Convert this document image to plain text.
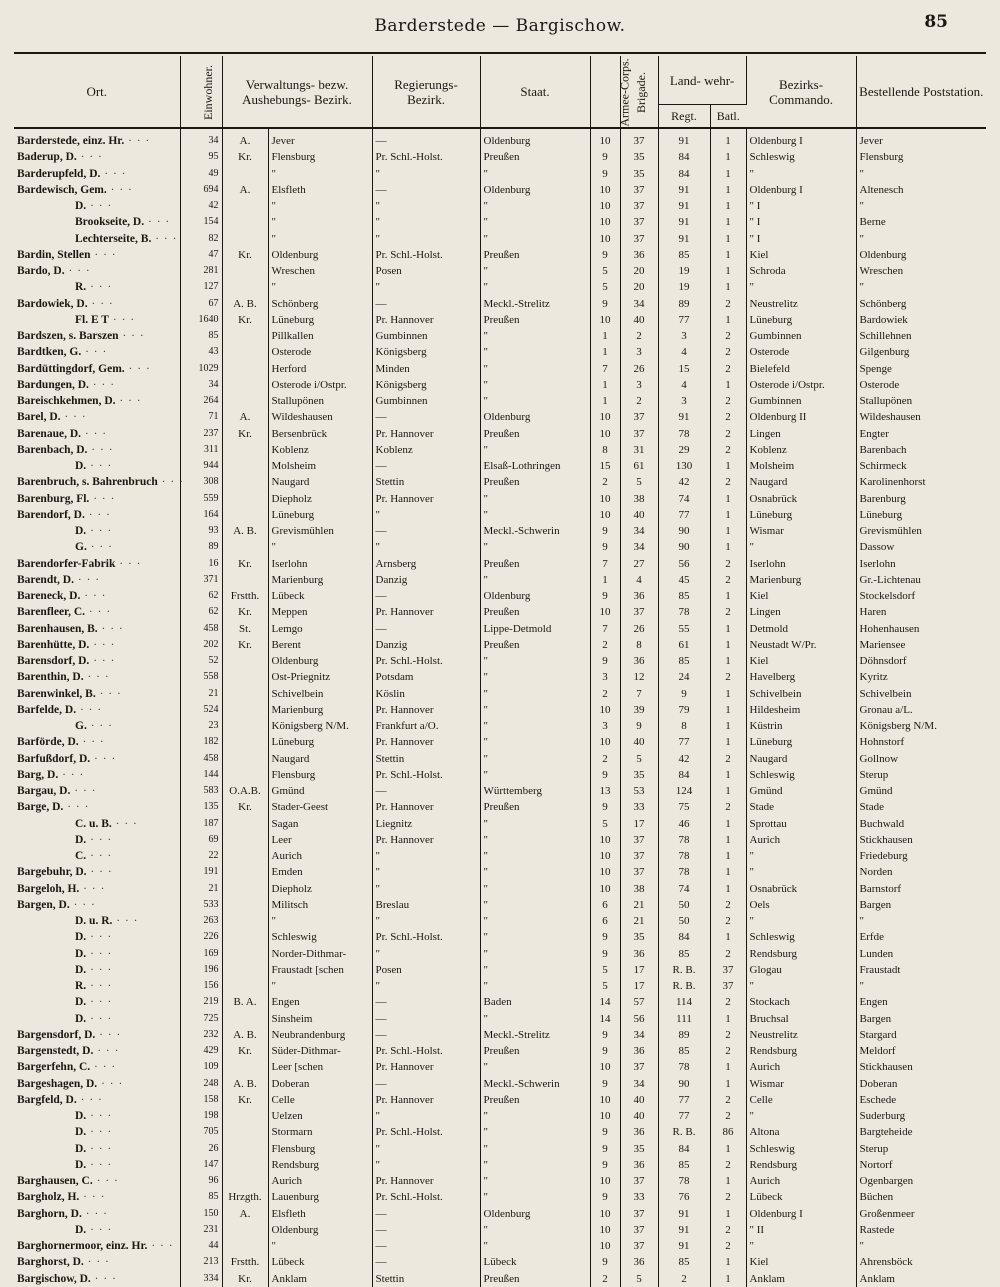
Barderstede — Bargischow.	85
Ort.	Einwohner.	Verwaltungs- bezw. Aushebungs- Bezirk.		Regierungs- Bezirk.	Staat.	Armee-Corps.	Brigade.	Land- wehr-		Bezirks- Commando.	Bestellende Poststation.
								Regt.	Batl.		
Barderstede, einz. Hr. · · ·	34	A.	Jever	—	Oldenburg	10	37	91	1	Oldenburg I	Jever
Baderup, D. · · ·	95	Kr.	Flensburg	Pr. Schl.-Holst.	Preußen	9	35	84	1	Schleswig	Flensburg
Barderupfeld, D. · · ·	49		"	"	"	9	35	84	1	"	"
Bardewisch, Gem. · · ·	694	A.	Elsfleth	—	Oldenburg	10	37	91	1	Oldenburg I	Altenesch
D. · · ·	42		"	"	"	10	37	91	1	" I	"
Brookseite, D. · · ·	154		"	"	"	10	37	91	1	" I	Berne
Lechterseite, B. · · ·	82		"	"	"	10	37	91	1	" I	"
Bardin, Stellen · · ·	47	Kr.	Oldenburg	Pr. Schl.-Holst.	Preußen	9	36	85	1	Kiel	Oldenburg
Bardo, D. · · ·	281		Wreschen	Posen	"	5	20	19	1	Schroda	Wreschen
R. · · ·	127		"	"	"	5	20	19	1	"	"
Bardowiek, D. · · ·	67	A. B.	Schönberg	—	Meckl.-Strelitz	9	34	89	2	Neustrelitz	Schönberg
Fl. E T · · ·	1640	Kr.	Lüneburg	Pr. Hannover	Preußen	10	40	77	1	Lüneburg	Bardowiek
Bardszen, s. Barszen · · ·	85		Pillkallen	Gumbinnen	"	1	2	3	2	Gumbinnen	Schillehnen
Bardtken, G. · · ·	43		Osterode	Königsberg	"	1	3	4	2	Osterode	Gilgenburg
Bardüttingdorf, Gem. · · ·	1029		Herford	Minden	"	7	26	15	2	Bielefeld	Spenge
Bardungen, D. · · ·	34		Osterode i/Ostpr.	Königsberg	"	1	3	4	1	Osterode i/Ostpr.	Osterode
Bareischkehmen, D. · · ·	264		Stallupönen	Gumbinnen	"	1	2	3	2	Gumbinnen	Stallupönen
Barel, D. · · ·	71	A.	Wildeshausen	—	Oldenburg	10	37	91	2	Oldenburg II	Wildeshausen
Barenaue, D. · · ·	237	Kr.	Bersenbrück	Pr. Hannover	Preußen	10	37	78	2	Lingen	Engter
Barenbach, D. · · ·	311		Koblenz	Koblenz	"	8	31	29	2	Koblenz	Barenbach
D. · · ·	944		Molsheim	—	Elsaß-Lothringen	15	61	130	1	Molsheim	Schirmeck
Barenbruch, s. Bahrenbruch · · ·	308		Naugard	Stettin	Preußen	2	5	42	2	Naugard	Karolinenhorst
Barenburg, Fl. · · ·	559		Diepholz	Pr. Hannover	"	10	38	74	1	Osnabrück	Barenburg
Barendorf, D. · · ·	164		Lüneburg	"	"	10	40	77	1	Lüneburg	Lüneburg
D. · · ·	93	A. B.	Grevismühlen	—	Meckl.-Schwerin	9	34	90	1	Wismar	Grevismühlen
G. · · ·	89		"	"	"	9	34	90	1	"	Dassow
Barendorfer-Fabrik · · ·	16	Kr.	Iserlohn	Arnsberg	Preußen	7	27	56	2	Iserlohn	Iserlohn
Barendt, D. · · ·	371		Marienburg	Danzig	"	1	4	45	2	Marienburg	Gr.-Lichtenau
Bareneck, D. · · ·	62	Frstth.	Lübeck	—	Oldenburg	9	36	85	1	Kiel	Stockelsdorf
Barenfleer, C. · · ·	62	Kr.	Meppen	Pr. Hannover	Preußen	10	37	78	2	Lingen	Haren
Barenhausen, B. · · ·	458	St.	Lemgo	—	Lippe-Detmold	7	26	55	1	Detmold	Hohenhausen
Barenhütte, D. · · ·	202	Kr.	Berent	Danzig	Preußen	2	8	61	1	Neustadt W/Pr.	Mariensee
Barensdorf, D. · · ·	52		Oldenburg	Pr. Schl.-Holst.	"	9	36	85	1	Kiel	Döhnsdorf
Barenthin, D. · · ·	558		Ost-Priegnitz	Potsdam	"	3	12	24	2	Havelberg	Kyritz
Barenwinkel, B. · · ·	21		Schivelbein	Köslin	"	2	7	9	1	Schivelbein	Schivelbein
Barfelde, D. · · ·	524		Marienburg	Pr. Hannover	"	10	39	79	1	Hildesheim	Gronau a/L.
G. · · ·	23		Königsberg N/M.	Frankfurt a/O.	"	3	9	8	1	Küstrin	Königsberg N/M.
Barförde, D. · · ·	182		Lüneburg	Pr. Hannover	"	10	40	77	1	Lüneburg	Hohnstorf
Barfußdorf, D. · · ·	458		Naugard	Stettin	"	2	5	42	2	Naugard	Gollnow
Barg, D. · · ·	144		Flensburg	Pr. Schl.-Holst.	"	9	35	84	1	Schleswig	Sterup
Bargau, D. · · ·	583	O.A.B.	Gmünd	—	Württemberg	13	53	124	1	Gmünd	Gmünd
Barge, D. · · ·	135	Kr.	Stader-Geest	Pr. Hannover	Preußen	9	33	75	2	Stade	Stade
C. u. B. · · ·	187		Sagan	Liegnitz	"	5	17	46	1	Sprottau	Buchwald
D. · · ·	69		Leer	Pr. Hannover	"	10	37	78	1	Aurich	Stickhausen
C. · · ·	22		Aurich	"	"	10	37	78	1	"	Friedeburg
Bargebuhr, D. · · ·	191		Emden	"	"	10	37	78	1	"	Norden
Bargeloh, H. · · ·	21		Diepholz	"	"	10	38	74	1	Osnabrück	Barnstorf
Bargen, D. · · ·	533		Militsch	Breslau	"	6	21	50	2	Oels	Bargen
D. u. R. · · ·	263		"	"	"	6	21	50	2	"	"
D. · · ·	226		Schleswig	Pr. Schl.-Holst.	"	9	35	84	1	Schleswig	Erfde
D. · · ·	169		Norder-Dithmar-	"	"	9	36	85	2	Rendsburg	Lunden
D. · · ·	196		Fraustadt [schen	Posen	"	5	17	R. B.	37	Glogau	Fraustadt
R. · · ·	156		"	"	"	5	17	R. B.	37	"	"
D. · · ·	219	B. A.	Engen	—	Baden	14	57	114	2	Stockach	Engen
D. · · ·	725		Sinsheim	—	"	14	56	111	1	Bruchsal	Bargen
Bargensdorf, D. · · ·	232	A. B.	Neubrandenburg	—	Meckl.-Strelitz	9	34	89	2	Neustrelitz	Stargard
Bargenstedt, D. · · ·	429	Kr.	Süder-Dithmar-	Pr. Schl.-Holst.	Preußen	9	36	85	2	Rendsburg	Meldorf
Bargerfehn, C. · · ·	109		Leer [schen	Pr. Hannover	"	10	37	78	1	Aurich	Stickhausen
Bargeshagen, D. · · ·	248	A. B.	Doberan	—	Meckl.-Schwerin	9	34	90	1	Wismar	Doberan
Bargfeld, D. · · ·	158	Kr.	Celle	Pr. Hannover	Preußen	10	40	77	2	Celle	Eschede
D. · · ·	198		Uelzen	"	"	10	40	77	2	"	Suderburg
D. · · ·	705		Stormarn	Pr. Schl.-Holst.	"	9	36	R. B.	86	Altona	Bargteheide
D. · · ·	26		Flensburg	"	"	9	35	84	1	Schleswig	Sterup
D. · · ·	147		Rendsburg	"	"	9	36	85	2	Rendsburg	Nortorf
Barghausen, C. · · ·	96		Aurich	Pr. Hannover	"	10	37	78	1	Aurich	Ogenbargen
Bargholz, H. · · ·	85	Hrzgth.	Lauenburg	Pr. Schl.-Holst.	"	9	33	76	2	Lübeck	Büchen
Barghorn, D. · · ·	150	A.	Elsfleth	—	Oldenburg	10	37	91	1	Oldenburg I	Großenmeer
D. · · ·	231		Oldenburg	—	"	10	37	91	2	" II	Rastede
Barghornermoor, einz. Hr. · · ·	44		"	—	"	10	37	91	2	"	"
Barghorst, D. · · ·	213	Frstth.	Lübeck	—	Lübeck	9	36	85	1	Kiel	Ahrensböck
Bargischow, D. · · ·	334	Kr.	Anklam	Stettin	Preußen	2	5	2	1	Anklam	Anklam
